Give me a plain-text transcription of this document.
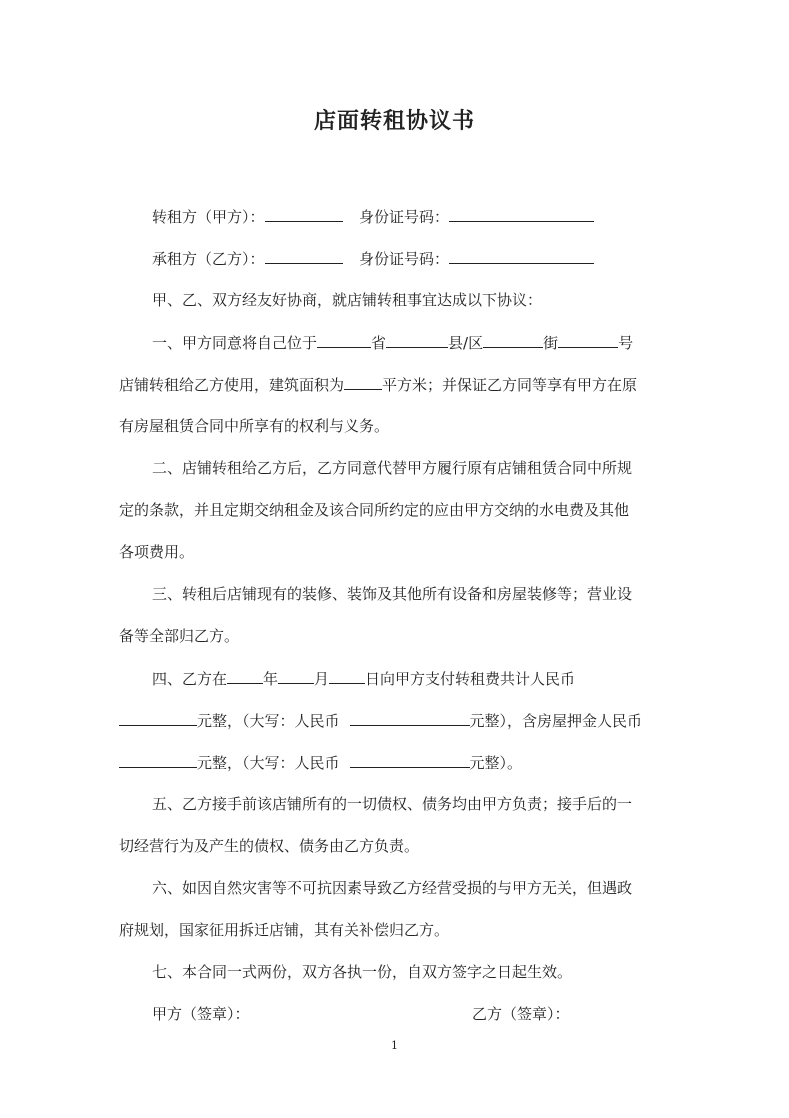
店面转租协议书
转租方（甲方）：	身份证号码：
承租方（乙方）：	身份证号码：
甲、乙、双方经友好协商，就店铺转租事宜达成以下协议：
一、甲方同意将自己位于	省	县/区	街	号
店铺转租给乙方使用，建筑面积为	平方米；并保证乙方同等享有甲方在原
有房屋租赁合同中所享有的权利与义务。
二、店铺转租给乙方后，乙方同意代替甲方履行原有店铺租赁合同中所规
定的条款，并且定期交纳租金及该合同所约定的应由甲方交纳的水电费及其他
各项费用。
三、转租后店铺现有的装修、装饰及其他所有设备和房屋装修等；营业设
备等全部归乙方。
四、乙方在 年 月 日向甲方支付转租费共计人民币
元整，（大写：人民币	元整），含房屋押金人民币
元整，（大写：人民币	元整）。
五、乙方接手前该店铺所有的一切债权、债务均由甲方负责；接手后的一
切经营行为及产生的债权、债务由乙方负责。
六、如因自然灾害等不可抗因素导致乙方经营受损的与甲方无关，但遇政
府规划，国家征用拆迁店铺，其有关补偿归乙方。
七、本合同一式两份，双方各执一份，自双方签字之日起生效。
甲方（签章）：	乙方（签章）：
1
